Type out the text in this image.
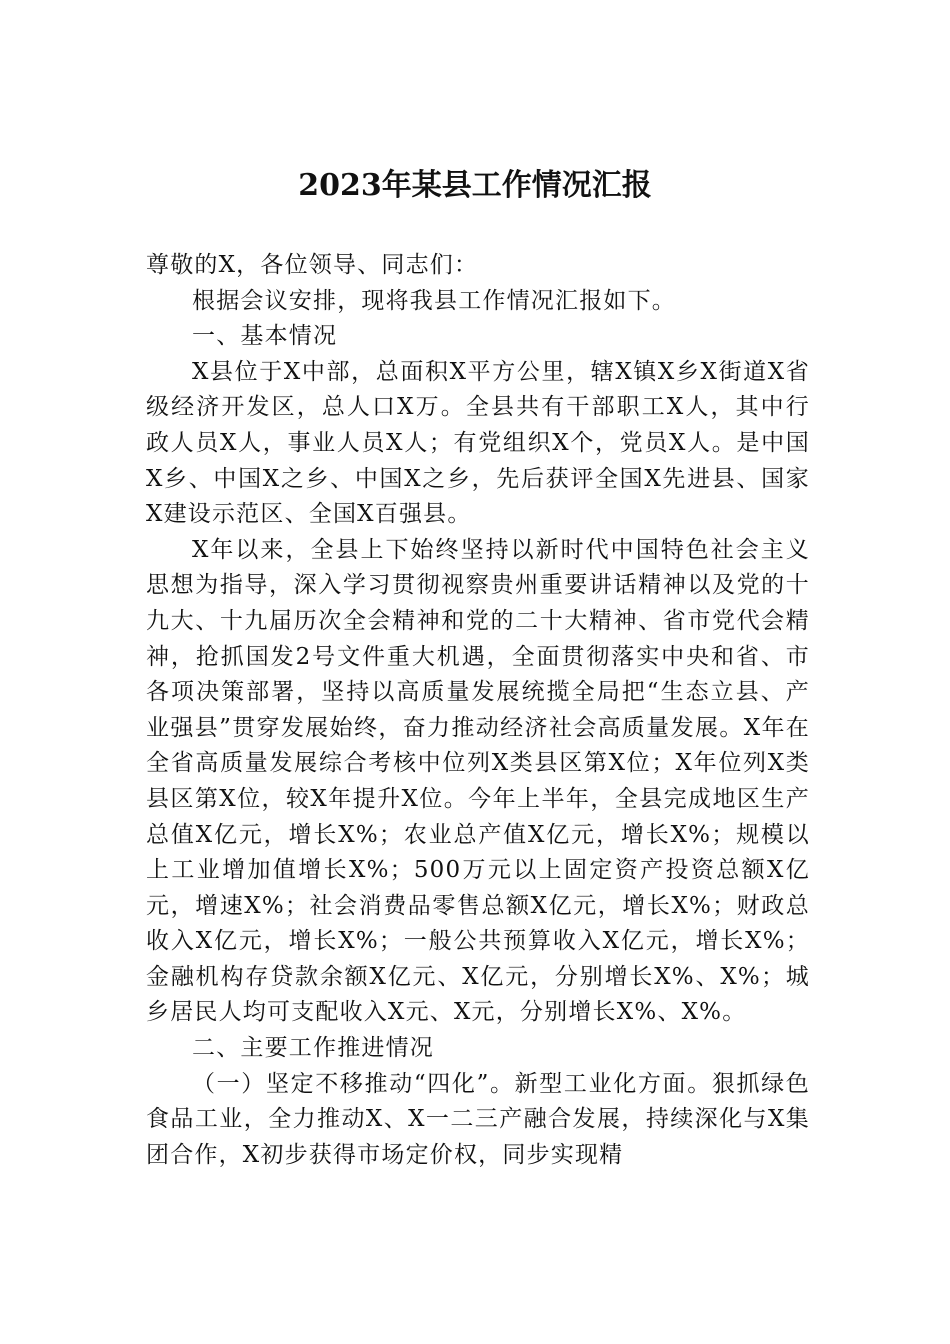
2023年某县工作情况汇报

尊敬的X，各位领导、同志们：

根据会议安排，现将我县工作情况汇报如下。

一、基本情况

X县位于X中部，总面积X平方公里，辖X镇X乡X街道X省级经济开发区，总人口X万。全县共有干部职工X人，其中行政人员X人，事业人员X人；有党组织X个，党员X人。是中国X乡、中国X之乡、中国X之乡，先后获评全国X先进县、国家X建设示范区、全国X百强县。

X年以来，全县上下始终坚持以新时代中国特色社会主义思想为指导，深入学习贯彻视察贵州重要讲话精神以及党的十九大、十九届历次全会精神和党的二十大精神、省市党代会精神，抢抓国发2号文件重大机遇，全面贯彻落实中央和省、市各项决策部署，坚持以高质量发展统揽全局把“生态立县、产业强县”贯穿发展始终，奋力推动经济社会高质量发展。X年在全省高质量发展综合考核中位列X类县区第X位；X年位列X类县区第X位，较X年提升X位。今年上半年，全县完成地区生产总值X亿元，增长X%；农业总产值X亿元，增长X%；规模以上工业增加值增长X%；500万元以上固定资产投资总额X亿元，增速X%；社会消费品零售总额X亿元，增长X%；财政总收入X亿元，增长X%；一般公共预算收入X亿元，增长X%；金融机构存贷款余额X亿元、X亿元，分别增长X%、X%；城乡居民人均可支配收入X元、X元，分别增长X%、X%。

二、主要工作推进情况

（一）坚定不移推动“四化”。新型工业化方面。狠抓绿色食品工业，全力推动X、X一二三产融合发展，持续深化与X集团合作，X初步获得市场定价权，同步实现精
